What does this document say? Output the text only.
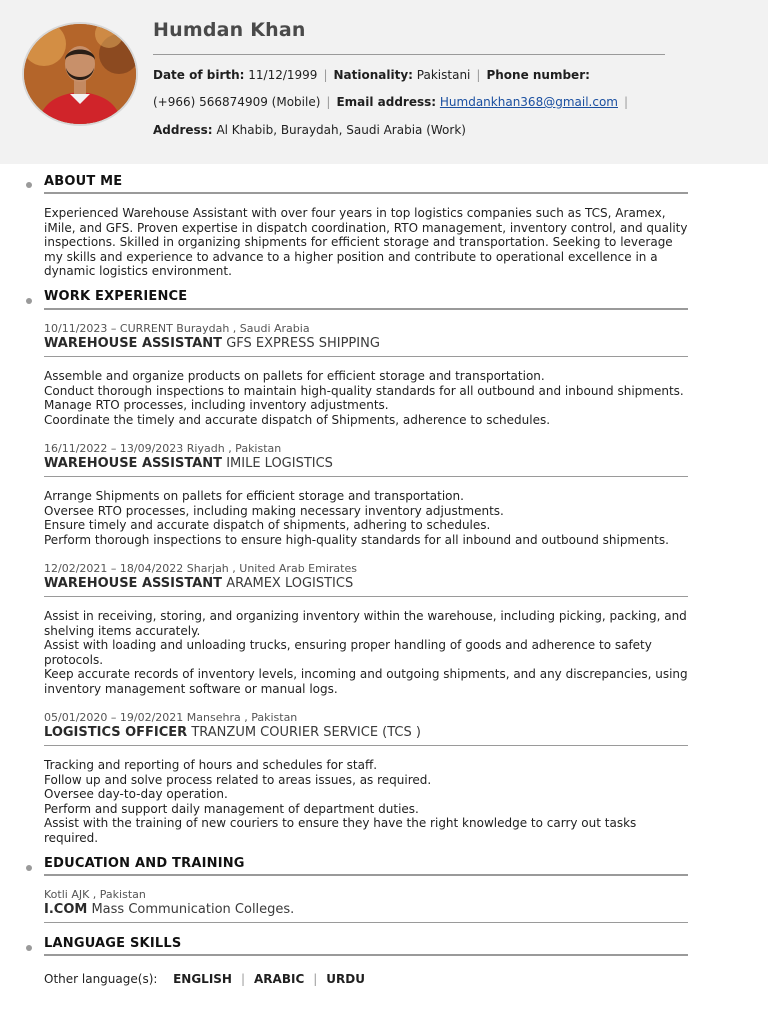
Humdan Khan
Date of birth: 11/12/1999 | Nationality: Pakistani | Phone number:
(+966) 566874909 (Mobile) | Email address: Humdankhan368@gmail.com |
Address: Al Khabib, Buraydah, Saudi Arabia (Work)
ABOUT ME
Experienced Warehouse Assistant with over four years in top logistics companies such as TCS, Aramex, iMile, and GFS. Proven expertise in dispatch coordination, RTO management, inventory control, and quality inspections. Skilled in organizing shipments for efficient storage and transportation. Seeking to leverage my skills and experience to advance to a higher position and contribute to operational excellence in a dynamic logistics environment.
WORK EXPERIENCE
10/11/2023 – CURRENT Buraydah , Saudi Arabia
WAREHOUSE ASSISTANT GFS EXPRESS SHIPPING
Assemble and organize products on pallets for efficient storage and transportation.
Conduct thorough inspections to maintain high-quality standards for all outbound and inbound shipments.
Manage RTO processes, including inventory adjustments.
Coordinate the timely and accurate dispatch of Shipments, adherence to schedules.
16/11/2022 – 13/09/2023 Riyadh , Pakistan
WAREHOUSE ASSISTANT IMILE LOGISTICS
Arrange Shipments on pallets for efficient storage and transportation.
Oversee RTO processes, including making necessary inventory adjustments.
Ensure timely and accurate dispatch of shipments, adhering to schedules.
Perform thorough inspections to ensure high-quality standards for all inbound and outbound shipments.
12/02/2021 – 18/04/2022 Sharjah , United Arab Emirates
WAREHOUSE ASSISTANT ARAMEX LOGISTICS
Assist in receiving, storing, and organizing inventory within the warehouse, including picking, packing, and shelving items accurately.
Assist with loading and unloading trucks, ensuring proper handling of goods and adherence to safety protocols.
Keep accurate records of inventory levels, incoming and outgoing shipments, and any discrepancies, using inventory management software or manual logs.
05/01/2020 – 19/02/2021 Mansehra , Pakistan
LOGISTICS OFFICER TRANZUM COURIER SERVICE (TCS )
Tracking and reporting of hours and schedules for staff.
Follow up and solve process related to areas issues, as required.
Oversee day-to-day operation.
Perform and support daily management of department duties.
Assist with the training of new couriers to ensure they have the right knowledge to carry out tasks required.
EDUCATION AND TRAINING
Kotli AJK , Pakistan
I.COM Mass Communication Colleges.
LANGUAGE SKILLS
Other language(s): ENGLISH | ARABIC | URDU
